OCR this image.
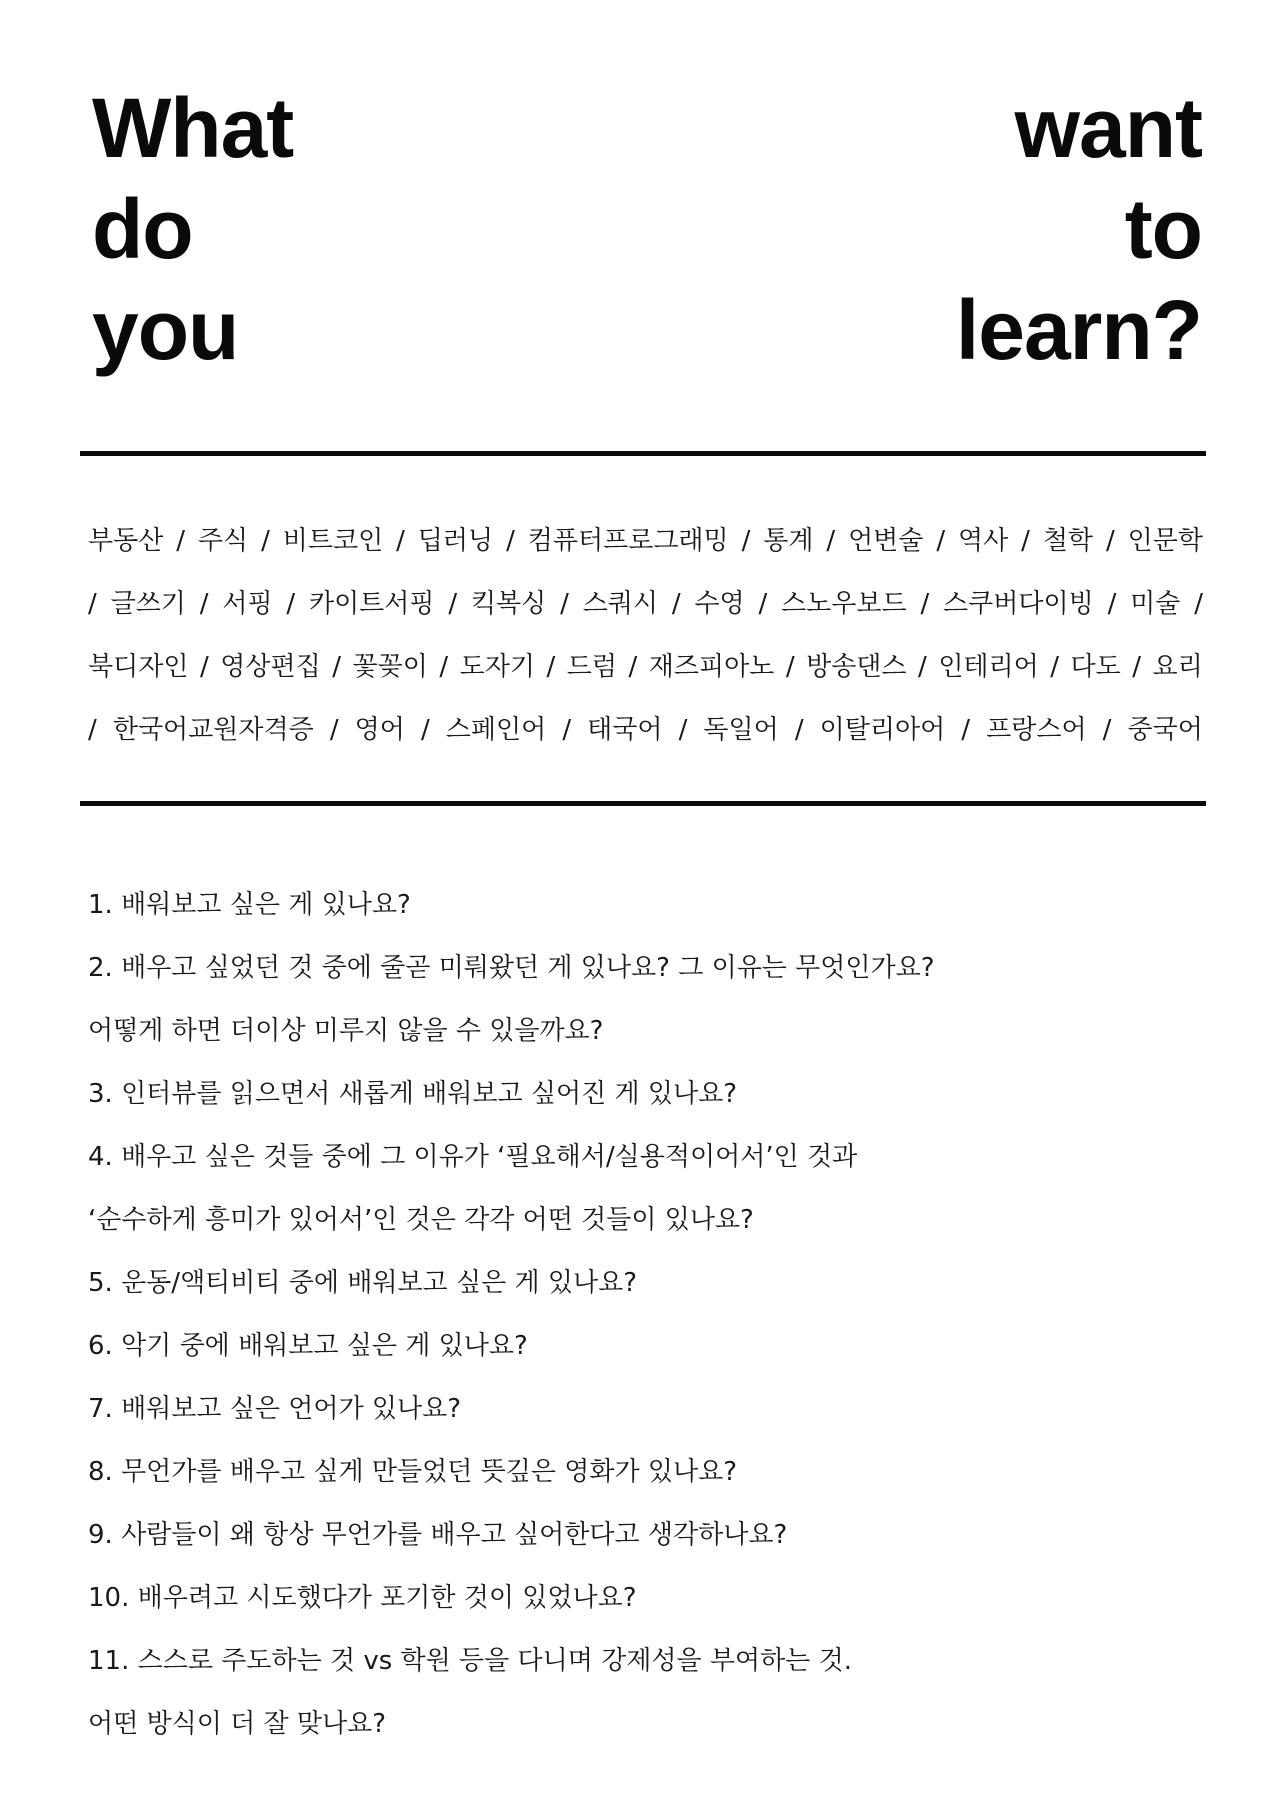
What
do
you
want
to
learn?
부동산 / 주식 / 비트코인 / 딥러닝 / 컴퓨터프로그래밍 / 통계 / 언변술 / 역사 / 철학 / 인문학
/ 글쓰기 / 서핑 / 카이트서핑 / 킥복싱 / 스쿼시 / 수영 / 스노우보드 / 스쿠버다이빙 / 미술 /
북디자인 / 영상편집 / 꽃꽂이 / 도자기 / 드럼 / 재즈피아노 / 방송댄스 / 인테리어 / 다도 / 요리
/ 한국어교원자격증 / 영어 / 스페인어 / 태국어 / 독일어 / 이탈리아어 / 프랑스어 / 중국어
1. 배워보고 싶은 게 있나요?
2. 배우고 싶었던 것 중에 줄곧 미뤄왔던 게 있나요? 그 이유는 무엇인가요?
어떻게 하면 더이상 미루지 않을 수 있을까요?
3. 인터뷰를 읽으면서 새롭게 배워보고 싶어진 게 있나요?
4. 배우고 싶은 것들 중에 그 이유가 ‘필요해서/실용적이어서’인 것과
‘순수하게 흥미가 있어서’인 것은 각각 어떤 것들이 있나요?
5. 운동/액티비티 중에 배워보고 싶은 게 있나요?
6. 악기 중에 배워보고 싶은 게 있나요?
7. 배워보고 싶은 언어가 있나요?
8. 무언가를 배우고 싶게 만들었던 뜻깊은 영화가 있나요?
9. 사람들이 왜 항상 무언가를 배우고 싶어한다고 생각하나요?
10. 배우려고 시도했다가 포기한 것이 있었나요?
11. 스스로 주도하는 것 vs 학원 등을 다니며 강제성을 부여하는 것.
어떤 방식이 더 잘 맞나요?
